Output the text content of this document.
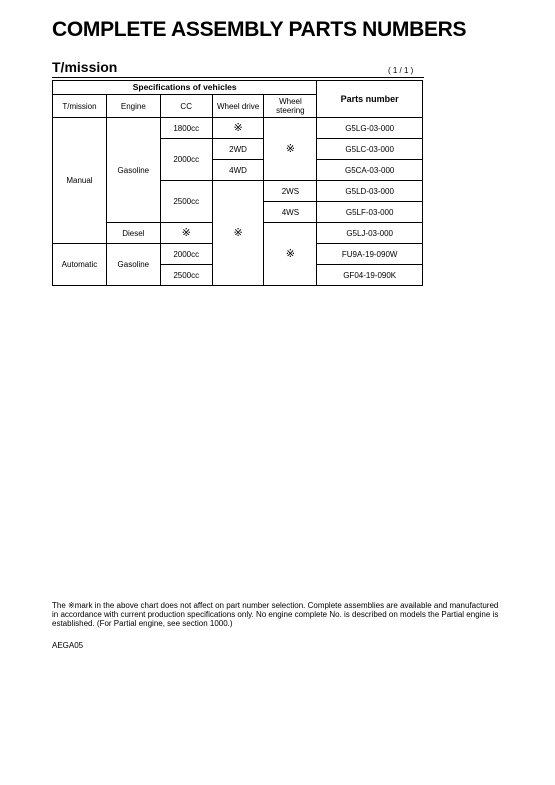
COMPLETE ASSEMBLY PARTS NUMBERS
T/mission	( 1 / 1 )
Specifications of vehicles					Parts number
T/mission	Engine	CC	Wheel drive	Wheel steering	
Manual	Gasoline	1800cc	※	※	G5LG-03-000
		2000cc	2WD		G5LC-03-000
			4WD		G5CA-03-000
		2500cc	※	2WS	G5LD-03-000
				4WS	G5LF-03-000
	Diesel	※		※	G5LJ-03-000
Automatic	Gasoline	2000cc			FU9A-19-090W
		2500cc			GF04-19-090K
The ※mark in the above chart does not affect on part number selection. Complete assemblies are available and manufactured in accordance with current production specifications only. No engine complete No. is described on models the Partial engine is established. (For Partial engine, see section 1000.)
AEGA05
